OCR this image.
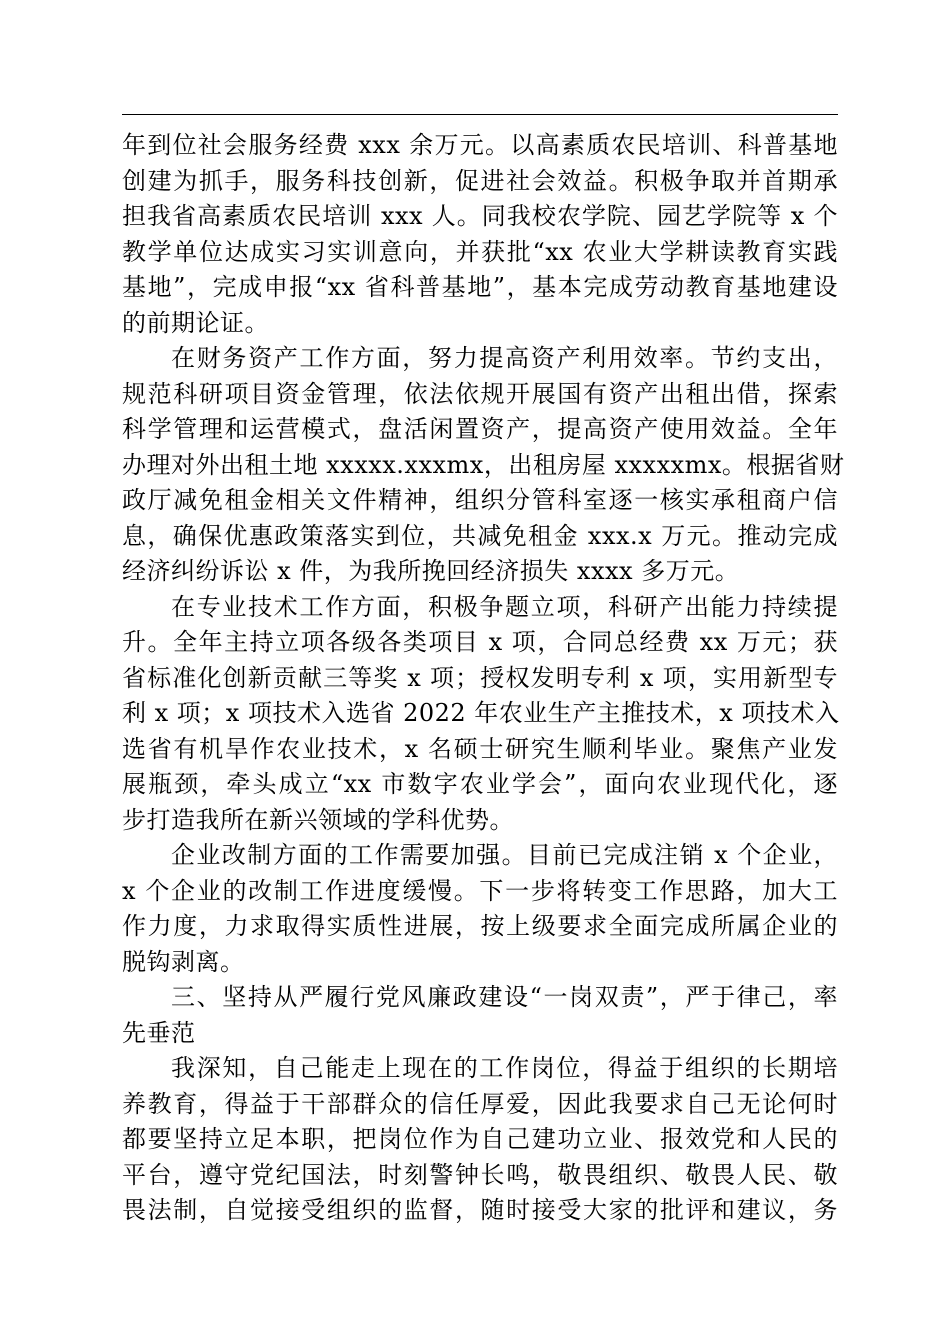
年到位社会服务经费 xxx 余万元。以高素质农民培训、科普基地
创建为抓手，服务科技创新，促进社会效益。积极争取并首期承
担我省高素质农民培训 xxx 人。同我校农学院、园艺学院等 x 个
教学单位达成实习实训意向，并获批“xx 农业大学耕读教育实践
基地”，完成申报“xx 省科普基地”，基本完成劳动教育基地建设
的前期论证。
在财务资产工作方面，努力提高资产利用效率。节约支出，
规范科研项目资金管理，依法依规开展国有资产出租出借，探索
科学管理和运营模式，盘活闲置资产，提高资产使用效益。全年
办理对外出租土地 xxxxx.xxxmx，出租房屋 xxxxxmx。根据省财
政厅减免租金相关文件精神，组织分管科室逐一核实承租商户信
息，确保优惠政策落实到位，共减免租金 xxx.x 万元。推动完成
经济纠纷诉讼 x 件，为我所挽回经济损失 xxxx 多万元。
在专业技术工作方面，积极争题立项，科研产出能力持续提
升。全年主持立项各级各类项目 x 项，合同总经费 xx 万元；获
省标准化创新贡献三等奖 x 项；授权发明专利 x 项，实用新型专
利 x 项；x 项技术入选省 2022 年农业生产主推技术，x 项技术入
选省有机旱作农业技术，x 名硕士研究生顺利毕业。聚焦产业发
展瓶颈，牵头成立“xx 市数字农业学会”，面向农业现代化，逐
步打造我所在新兴领域的学科优势。
企业改制方面的工作需要加强。目前已完成注销 x 个企业，
x 个企业的改制工作进度缓慢。下一步将转变工作思路，加大工
作力度，力求取得实质性进展，按上级要求全面完成所属企业的
脱钩剥离。
三、坚持从严履行党风廉政建设“一岗双责”，严于律己，率
先垂范
我深知，自己能走上现在的工作岗位，得益于组织的长期培
养教育，得益于干部群众的信任厚爱，因此我要求自己无论何时
都要坚持立足本职，把岗位作为自己建功立业、报效党和人民的
平台，遵守党纪国法，时刻警钟长鸣，敬畏组织、敬畏人民、敬
畏法制，自觉接受组织的监督，随时接受大家的批评和建议，务
